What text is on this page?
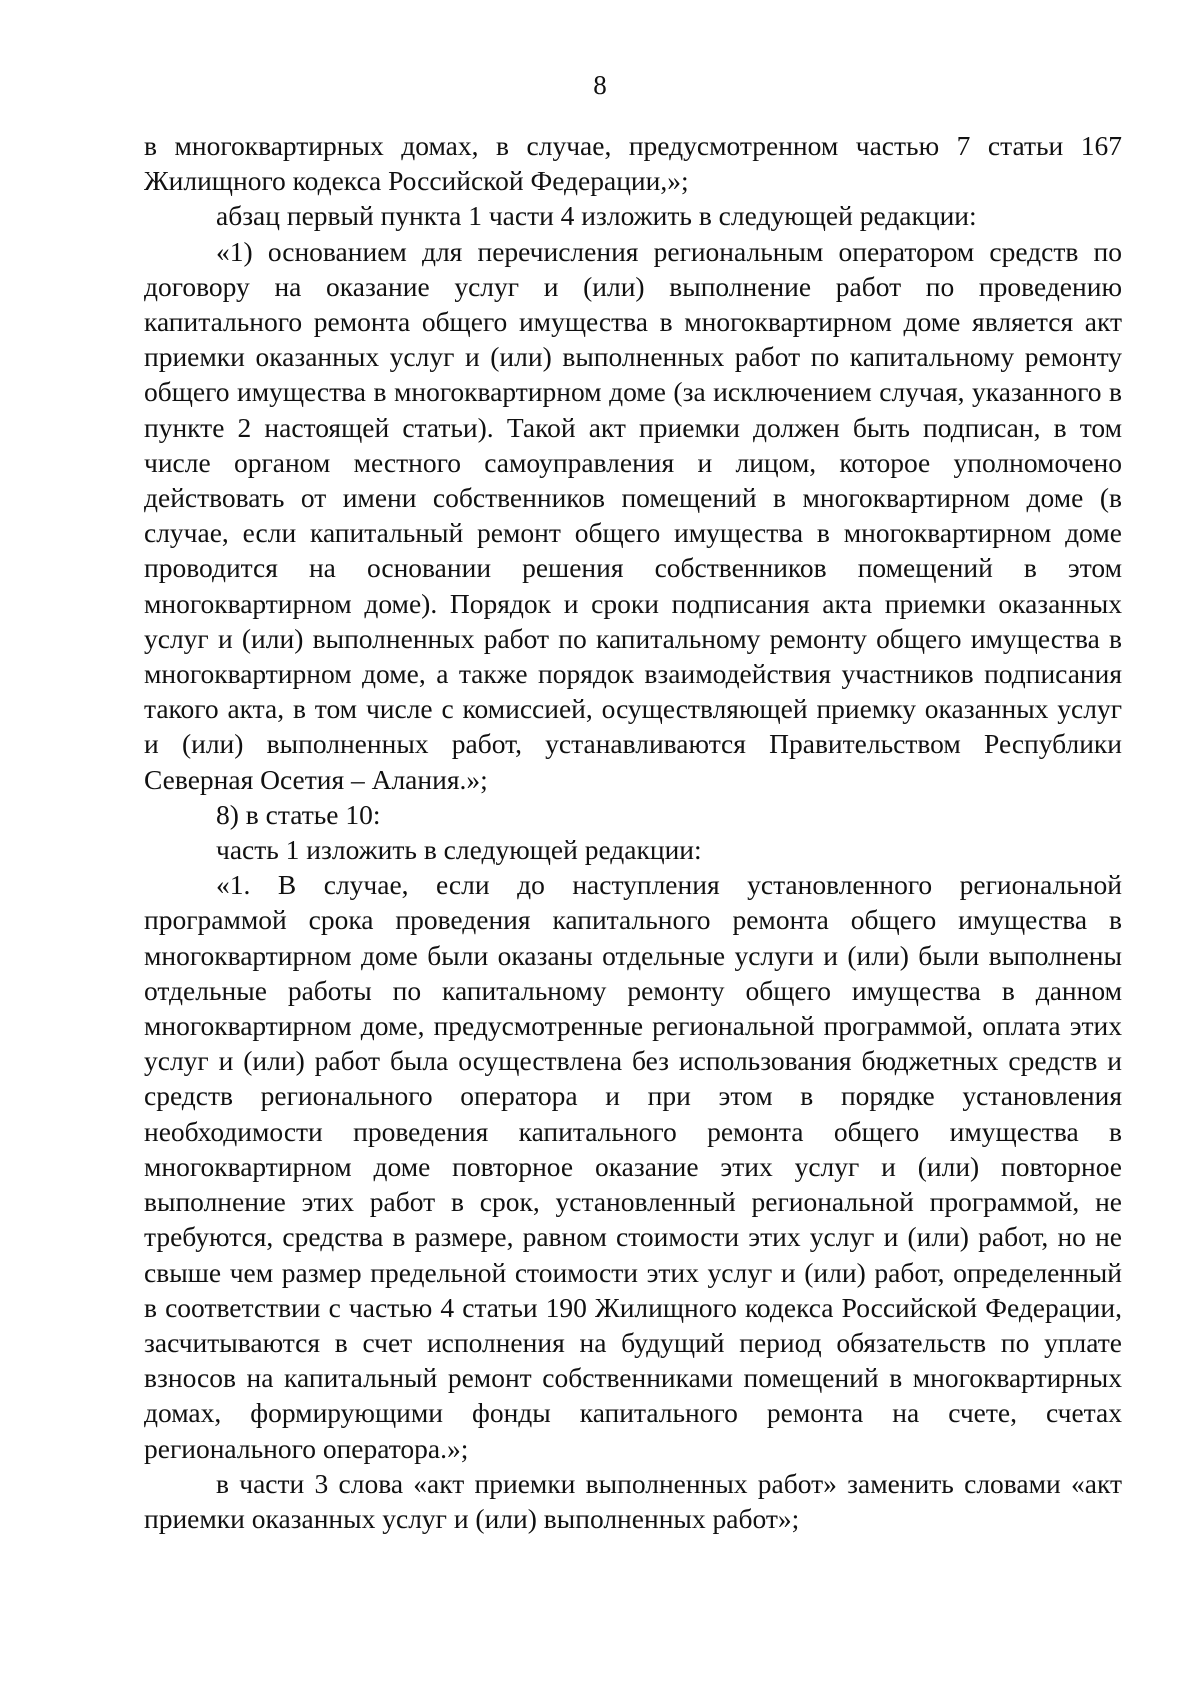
8

в многоквартирных домах, в случае, предусмотренном частью 7 статьи 167 Жилищного кодекса Российской Федерации,»;

абзац первый пункта 1 части 4 изложить в следующей редакции:

«1) основанием для перечисления региональным оператором средств по договору на оказание услуг и (или) выполнение работ по проведению капитального ремонта общего имущества в многоквартирном доме является акт приемки оказанных услуг и (или) выполненных работ по капитальному ремонту общего имущества в многоквартирном доме (за исключением случая, указанного в пункте 2 настоящей статьи). Такой акт приемки должен быть подписан, в том числе органом местного самоуправления и лицом, которое уполномочено действовать от имени собственников помещений в многоквартирном доме (в случае, если капитальный ремонт общего имущества в многоквартирном доме проводится на основании решения собственников помещений в этом многоквартирном доме). Порядок и сроки подписания акта приемки оказанных услуг и (или) выполненных работ по капитальному ремонту общего имущества в многоквартирном доме, а также порядок взаимодействия участников подписания такого акта, в том числе с комиссией, осуществляющей приемку оказанных услуг и (или) выполненных работ, устанавливаются Правительством Республики Северная Осетия – Алания.»;

8) в статье 10:

часть 1 изложить в следующей редакции:

«1. В случае, если до наступления установленного региональной программой срока проведения капитального ремонта общего имущества в многоквартирном доме были оказаны отдельные услуги и (или) были выполнены отдельные работы по капитальному ремонту общего имущества в данном многоквартирном доме, предусмотренные региональной программой, оплата этих услуг и (или) работ была осуществлена без использования бюджетных средств и средств регионального оператора и при этом в порядке установления необходимости проведения капитального ремонта общего имущества в многоквартирном доме повторное оказание этих услуг и (или) повторное выполнение этих работ в срок, установленный региональной программой, не требуются, средства в размере, равном стоимости этих услуг и (или) работ, но не свыше чем размер предельной стоимости этих услуг и (или) работ, определенный в соответствии с частью 4 статьи 190 Жилищного кодекса Российской Федерации, засчитываются в счет исполнения на будущий период обязательств по уплате взносов на капитальный ремонт собственниками помещений в многоквартирных домах, формирующими фонды капитального ремонта на счете, счетах регионального оператора.»;

в части 3 слова «акт приемки выполненных работ» заменить словами «акт приемки оказанных услуг и (или) выполненных работ»;
